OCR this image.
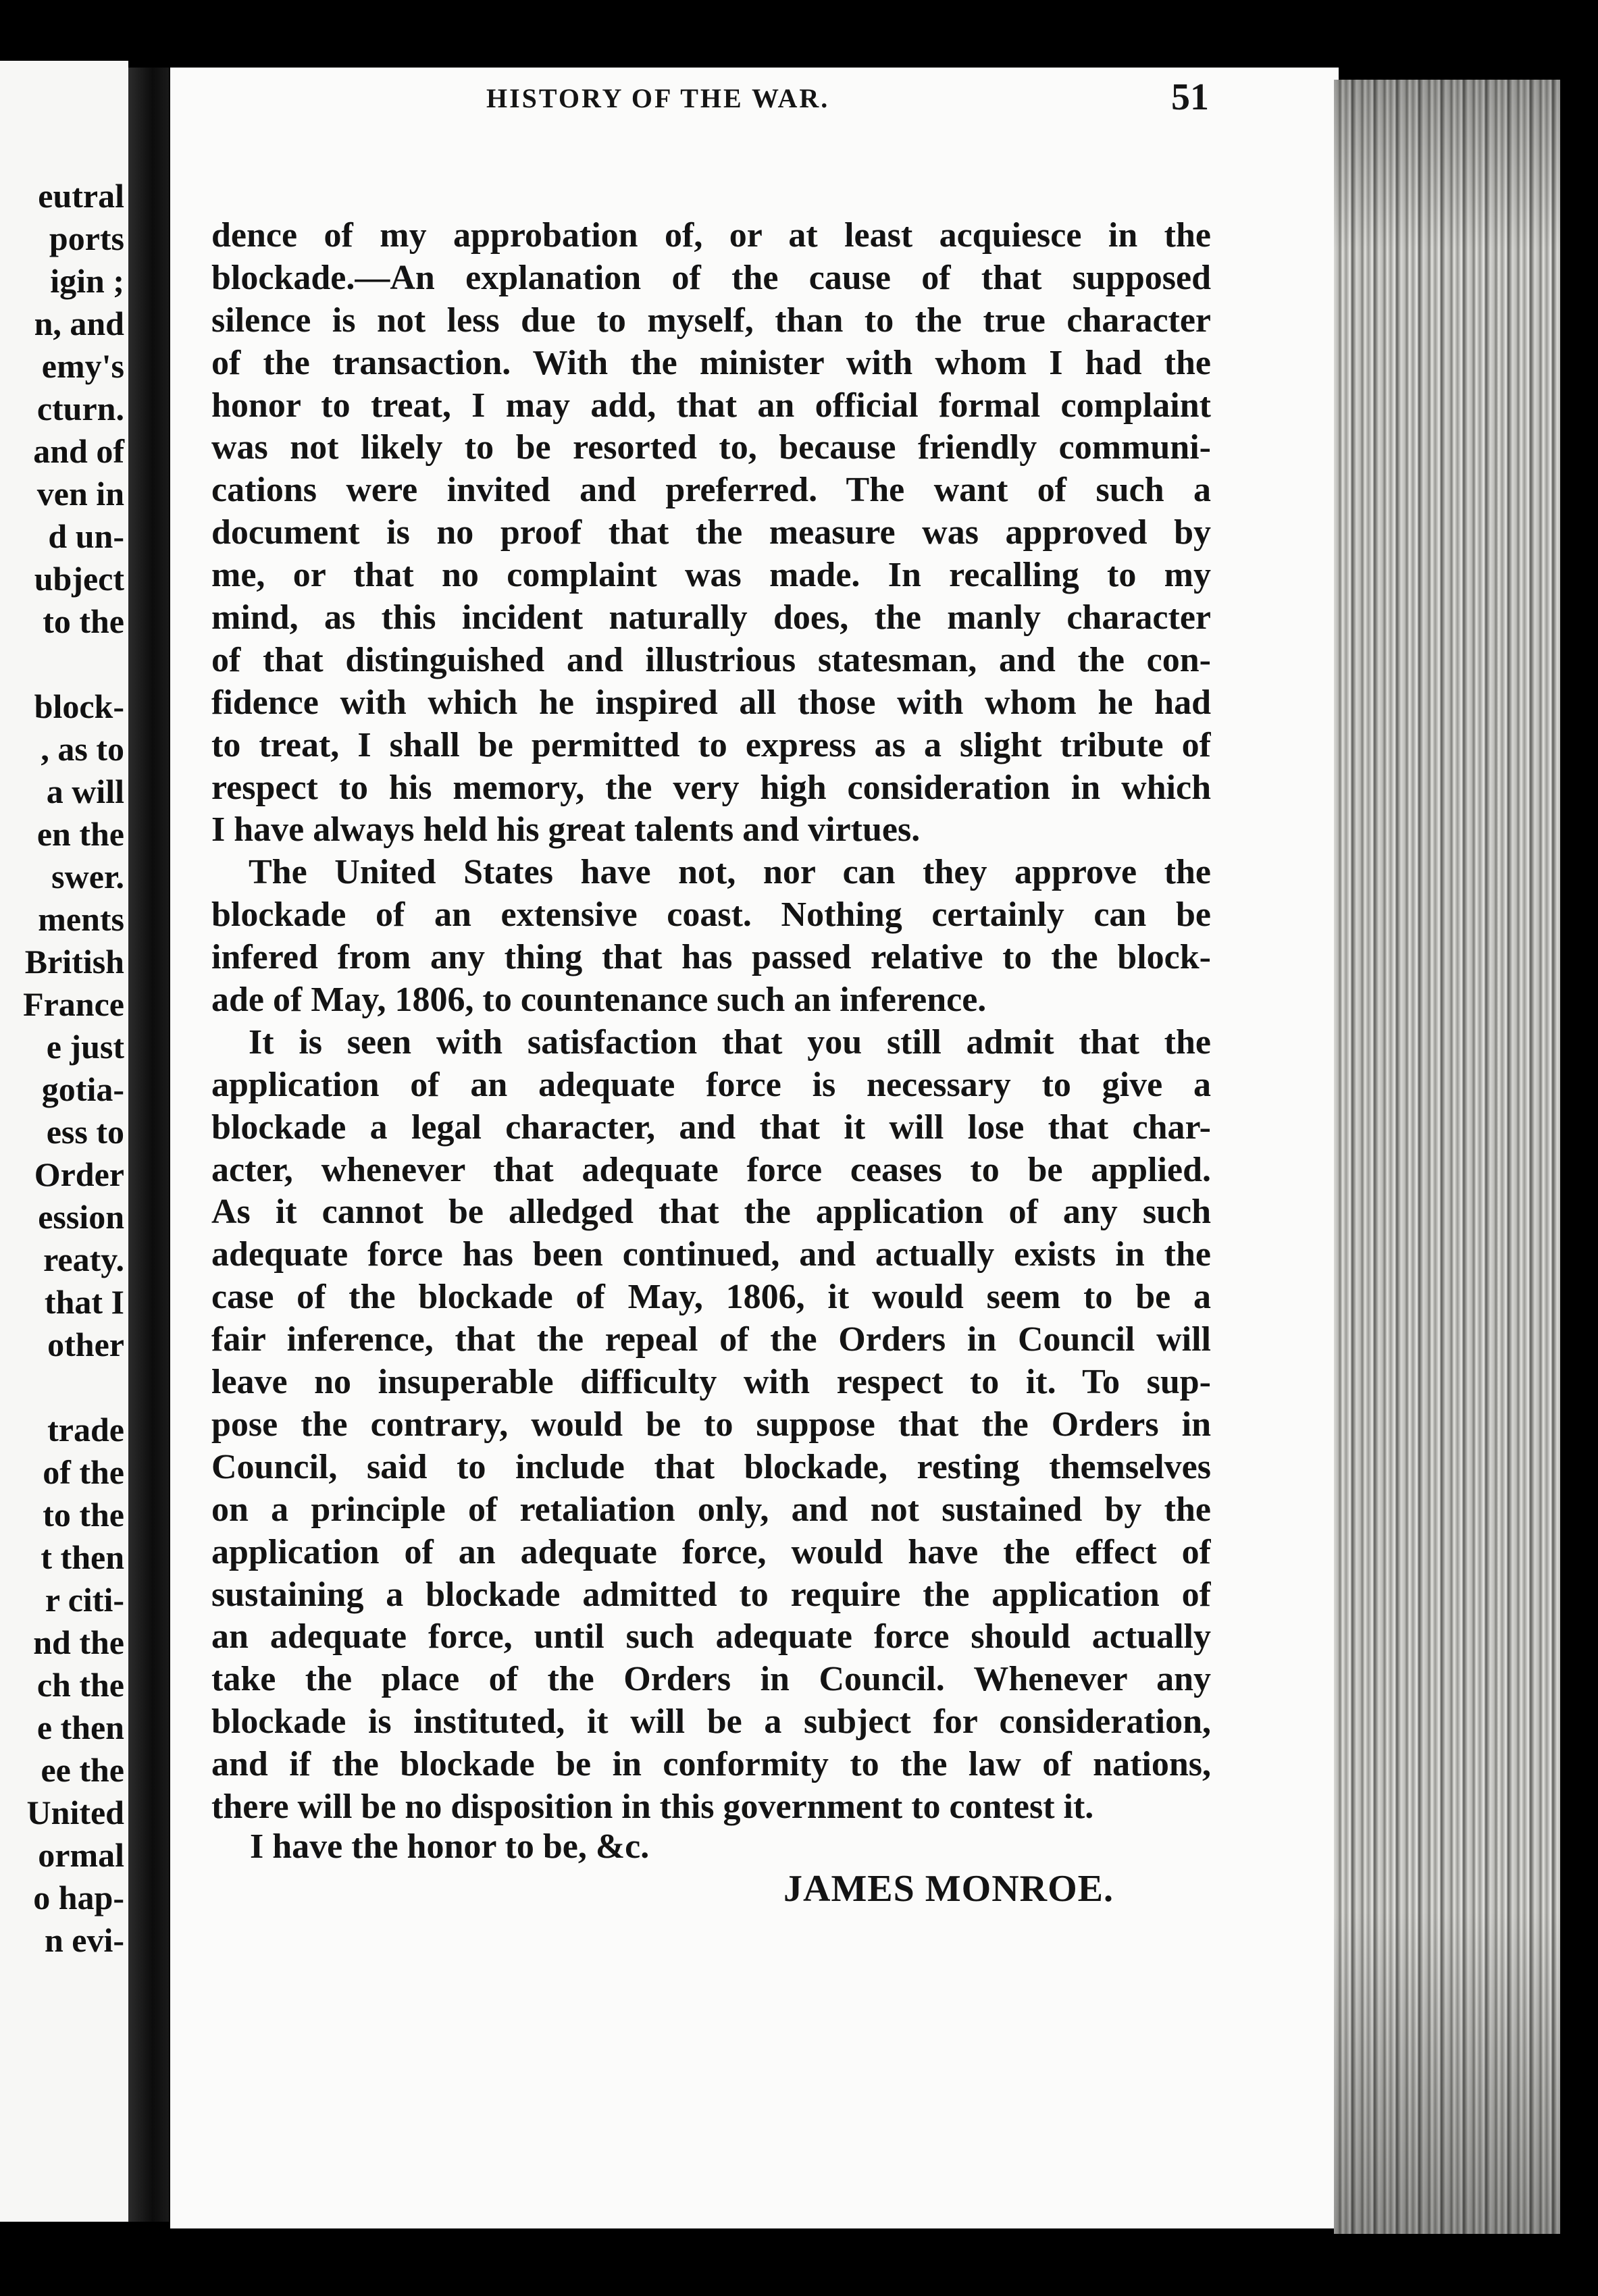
eutral
ports
igin ;
n, and
emy's
cturn.
and of
ven in
d un-
ubject
to the
block-
, as to
a will
en the
swer.
ments
British
France
e just
gotia-
ess to
Order
ession
reaty.
that I
other
trade
of the
to the
t then
r citi-
nd the
ch the
e then
ee the
United
ormal
o hap-
n evi-
HISTORY OF THE WAR.	51
dence of my approbation of, or at least acquiesce in the
blockade.—An explanation of the cause of that supposed
silence is not less due to myself, than to the true character
of the transaction. With the minister with whom I had the
honor to treat, I may add, that an official formal complaint
was not likely to be resorted to, because friendly communi-
cations were invited and preferred. The want of such a
document is no proof that the measure was approved by
me, or that no complaint was made. In recalling to my
mind, as this incident naturally does, the manly character
of that distinguished and illustrious statesman, and the con-
fidence with which he inspired all those with whom he had
to treat, I shall be permitted to express as a slight tribute of
respect to his memory, the very high consideration in which
I have always held his great talents and virtues.
The United States have not, nor can they approve the
blockade of an extensive coast. Nothing certainly can be
infered from any thing that has passed relative to the block-
ade of May, 1806, to countenance such an inference.
It is seen with satisfaction that you still admit that the
application of an adequate force is necessary to give a
blockade a legal character, and that it will lose that char-
acter, whenever that adequate force ceases to be applied.
As it cannot be alledged that the application of any such
adequate force has been continued, and actually exists in the
case of the blockade of May, 1806, it would seem to be a
fair inference, that the repeal of the Orders in Council will
leave no insuperable difficulty with respect to it. To sup-
pose the contrary, would be to suppose that the Orders in
Council, said to include that blockade, resting themselves
on a principle of retaliation only, and not sustained by the
application of an adequate force, would have the effect of
sustaining a blockade admitted to require the application of
an adequate force, until such adequate force should actually
take the place of the Orders in Council. Whenever any
blockade is instituted, it will be a subject for consideration,
and if the blockade be in conformity to the law of nations,
there will be no disposition in this government to contest it.
I have the honor to be, &c.
JAMES MONROE.
